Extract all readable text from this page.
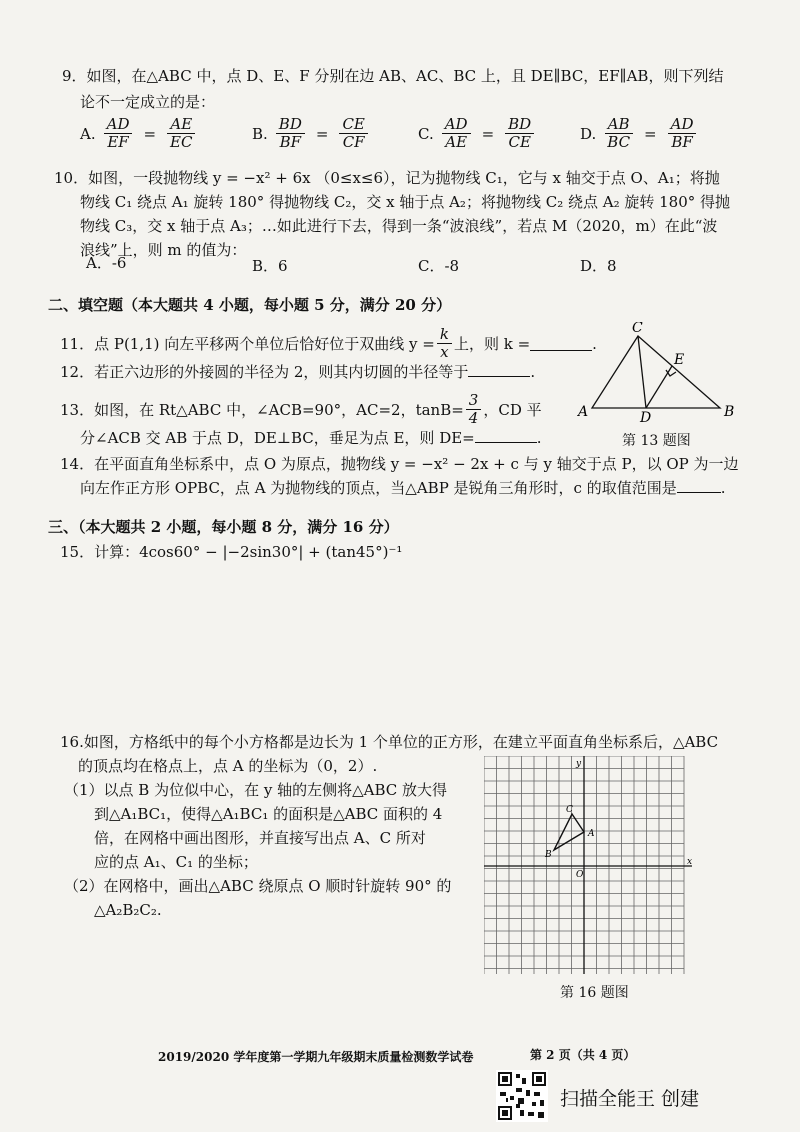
9．如图，在△ABC 中，点 D、E、F 分别在边 AB、AC、BC 上，且 DE∥BC，EF∥AB，则下列结
论不一定成立的是：
A. $\frac{AD}{EF} = \frac{AE}{EC}$	B. $\frac{BD}{BF} = \frac{CE}{CF}$	C. $\frac{AD}{AE} = \frac{BD}{CE}$	D. $\frac{AB}{BC} = \frac{AD}{BF}$
10．如图，一段抛物线 y = −x² + 6x （0≤x≤6），记为抛物线 C₁，它与 x 轴交于点 O、A₁；将抛
物线 C₁ 绕点 A₁ 旋转 180° 得抛物线 C₂，交 x 轴于点 A₂；将抛物线 C₂ 绕点 A₂ 旋转 180° 得抛
物线 C₃，交 x 轴于点 A₃；…如此进行下去，得到一条“波浪线”，若点 M（2020，m）在此“波
浪线”上，则 m 的值为：
A．-6	B．6	C．-8	D．8
二、填空题（本大题共 4 小题，每小题 5 分，满分 20 分）
11．点 P(1,1) 向左平移两个单位后恰好位于双曲线 $y = \frac{k}{x}$ 上，则 k =	.
12．若正六边形的外接圆的半径为 2，则其内切圆的半径等于	.
13．如图，在 Rt△ABC 中，∠ACB=90°，AC=2，$\tan B= \frac{3}{4}$ ，CD 平
分∠ACB 交 AB 于点 D，DE⊥BC，垂足为点 E，则 DE=	.
A	B
C
D
E
第 13 题图
14．在平面直角坐标系中，点 O 为原点，抛物线 y = −x² − 2x + c 与 y 轴交于点 P，以 OP 为一边
向左作正方形 OPBC，点 A 为抛物线的顶点，当△ABP 是锐角三角形时，c 的取值范围是	.
三、（本大题共 2 小题，每小题 8 分，满分 16 分）
15．计算：4cos60° − |−2sin30°| + (tan45°)⁻¹
16.如图，方格纸中的每个小方格都是边长为 1 个单位的正方形，在建立平面直角坐标系后，△ABC
的顶点均在格点上，点 A 的坐标为（0，2）.
（1）以点 B 为位似中心，在 y 轴的左侧将△ABC 放大得
到△A₁BC₁，使得△A₁BC₁ 的面积是△ABC 面积的 4
倍，在网格中画出图形，并直接写出点 A、C 所对
应的点 A₁、C₁ 的坐标；
（2）在网格中，画出△ABC 绕原点 O 顺时针旋转 90° 的
△A₂B₂C₂.
A
B
C
O
x
y
第 16 题图
2019/2020 学年度第一学期九年级期末质量检测数学试卷	第 2 页（共 4 页）
扫描全能王 创建
